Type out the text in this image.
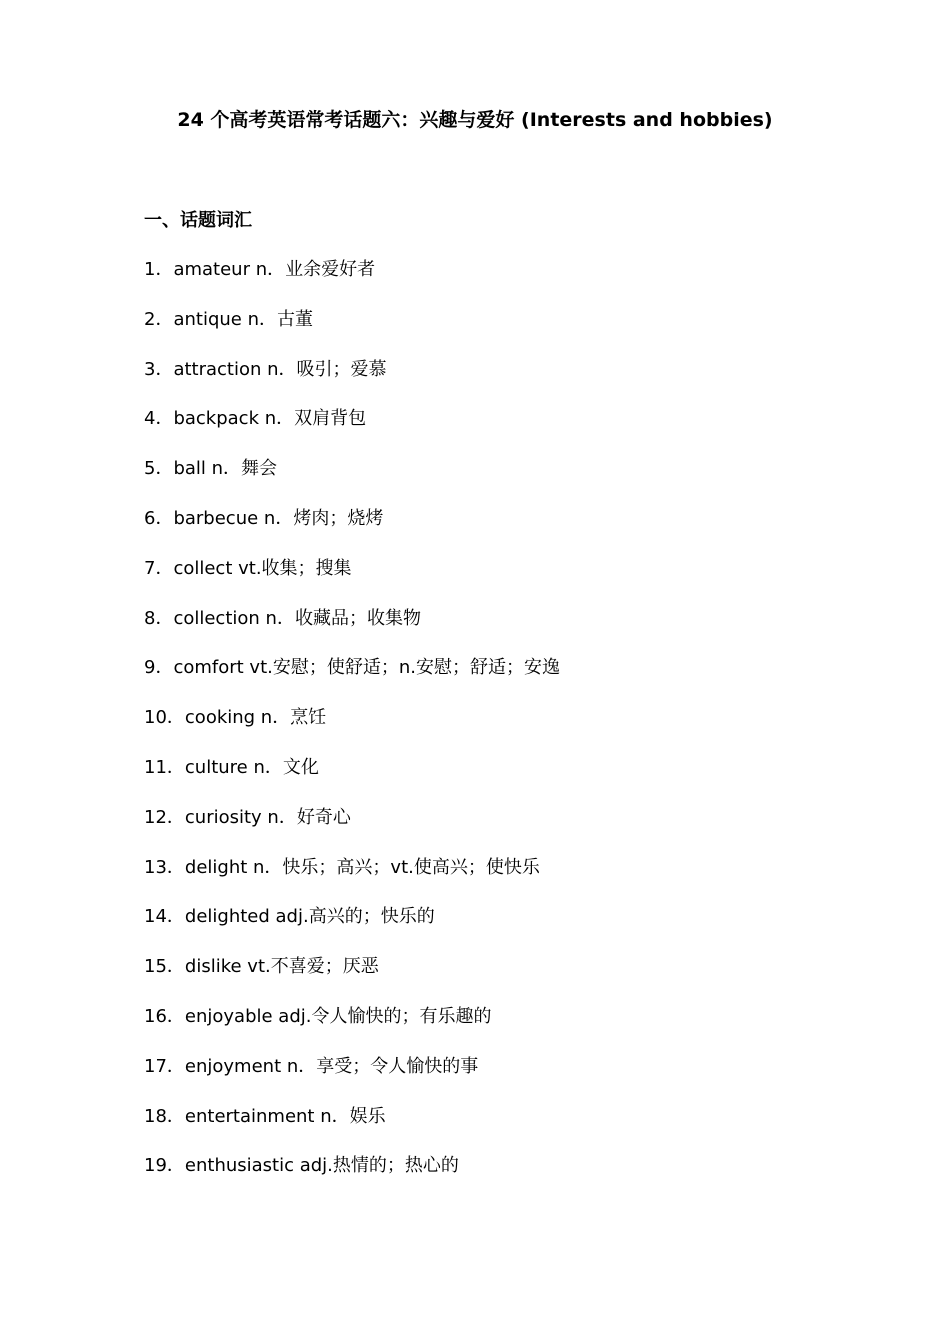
24 个高考英语常考话题六：兴趣与爱好 (Interests and hobbies)
一、话题词汇
1．amateur n．业余爱好者
2．antique n．古董
3．attraction n．吸引；爱慕
4．backpack n．双肩背包
5．ball n．舞会
6．barbecue n．烤肉；烧烤
7．collect vt.收集；搜集
8．collection n．收藏品；收集物
9．comfort vt.安慰；使舒适；n.安慰；舒适；安逸
10．cooking n．烹饪
11．culture n．文化
12．curiosity n．好奇心
13．delight n．快乐；高兴；vt.使高兴；使快乐
14．delighted adj.高兴的；快乐的
15．dislike vt.不喜爱；厌恶
16．enjoyable adj.令人愉快的；有乐趣的
17．enjoyment n．享受；令人愉快的事
18．entertainment n．娱乐
19．enthusiastic adj.热情的；热心的
